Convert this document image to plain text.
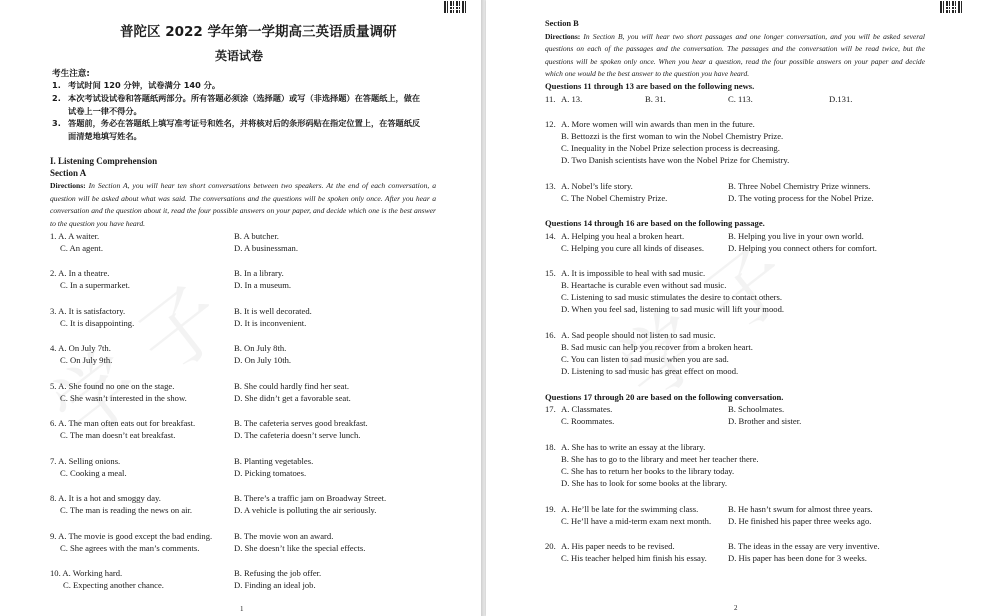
普陀区 2022 学年第一学期高三英语质量调研
英语试卷
考生注意:
1. 考试时间 120 分钟，试卷满分 140 分。
2. 本次考试设试卷和答题纸两部分。所有答题必须涂（选择题）或写（非选择题）在答题纸上，做在
试卷上一律不得分。
3. 答题前，务必在答题纸上填写准考证号和姓名，并将核对后的条形码贴在指定位置上，在答题纸反
面清楚地填写姓名。
I. Listening Comprehension
Section A
Directions: In Section A, you will hear ten short conversations between two speakers. At the end of each conversation, a question will be asked about what was said. The conversations and the questions will be spoken only once. After you hear a conversation and the question about it, read the four possible answers on your paper, and decide which one is the best answer to the question you have heard.
1. A. A waiter.	B. A butcher.
C. An agent.	D. A businessman.
2. A. In a theatre.	B. In a library.
C. In a supermarket.	D. In a museum.
3. A. It is satisfactory.	B. It is well decorated.
C. It is disappointing.	D. It is inconvenient.
4. A. On July 7th.	B. On July 8th.
C. On July 9th.	D. On July 10th.
5. A. She found no one on the stage.	B. She could hardly find her seat.
C. She wasn’t interested in the show.	D. She didn’t get a favorable seat.
6. A. The man often eats out for breakfast.	B. The cafeteria serves good breakfast.
C. The man doesn’t eat breakfast.	D. The cafeteria doesn’t serve lunch.
7. A. Selling onions.	B. Planting vegetables.
C. Cooking a meal.	D. Picking tomatoes.
8. A. It is a hot and smoggy day.	B. There’s a traffic jam on Broadway Street.
C. The man is reading the news on air.	D. A vehicle is polluting the air seriously.
9. A. The movie is good except the bad ending.	B. The movie won an award.
C. She agrees with the man’s comments.	D. She doesn’t like the special effects.
10. A. Working hard.	B. Refusing the job offer.
C. Expecting another chance.	D. Finding an ideal job.
1
Section B
Directions: In Section B, you will hear two short passages and one longer conversation, and you will be asked several questions on each of the passages and the conversation. The passages and the conversation will be read twice, but the questions will be spoken only once. When you hear a question, read the four possible answers on your paper and decide which one would be the best answer to the question you have heard.
Questions 11 through 13 are based on the following news.
11. A. 13.	B. 31.	C. 113.	D.131.
12. A. More women will win awards than men in the future.
B. Bettozzi is the first woman to win the Nobel Chemistry Prize.
C. Inequality in the Nobel Prize selection process is decreasing.
D. Two Danish scientists have won the Nobel Prize for Chemistry.
13. A. Nobel’s life story.	B. Three Nobel Chemistry Prize winners.
C. The Nobel Chemistry Prize.	D. The voting process for the Nobel Prize.
Questions 14 through 16 are based on the following passage.
14. A. Helping you heal a broken heart.	B. Helping you live in your own world.
C. Helping you cure all kinds of diseases.	D. Helping you connect others for comfort.
15. A. It is impossible to heal with sad music.
B. Heartache is curable even without sad music.
C. Listening to sad music stimulates the desire to contact others.
D. When you feel sad, listening to sad music will lift your mood.
16. A. Sad people should not listen to sad music.
B. Sad music can help you recover from a broken heart.
C. You can listen to sad music when you are sad.
D. Listening to sad music has great effect on mood.
Questions 17 through 20 are based on the following conversation.
17. A. Classmates.	B. Schoolmates.
C. Roommates.	D. Brother and sister.
18. A. She has to write an essay at the library.
B. She has to go to the library and meet her teacher there.
C. She has to return her books to the library today.
D. She has to look for some books at the library.
19. A. He’ll be late for the swimming class.	B. He hasn’t swum for almost three years.
C. He’ll have a mid-term exam next month. D. He finished his paper three weeks ago.
20. A. His paper needs to be revised.	B. The ideas in the essay are very inventive.
C. His teacher helped him finish his essay. D. His paper has been done for 3 weeks.
2
